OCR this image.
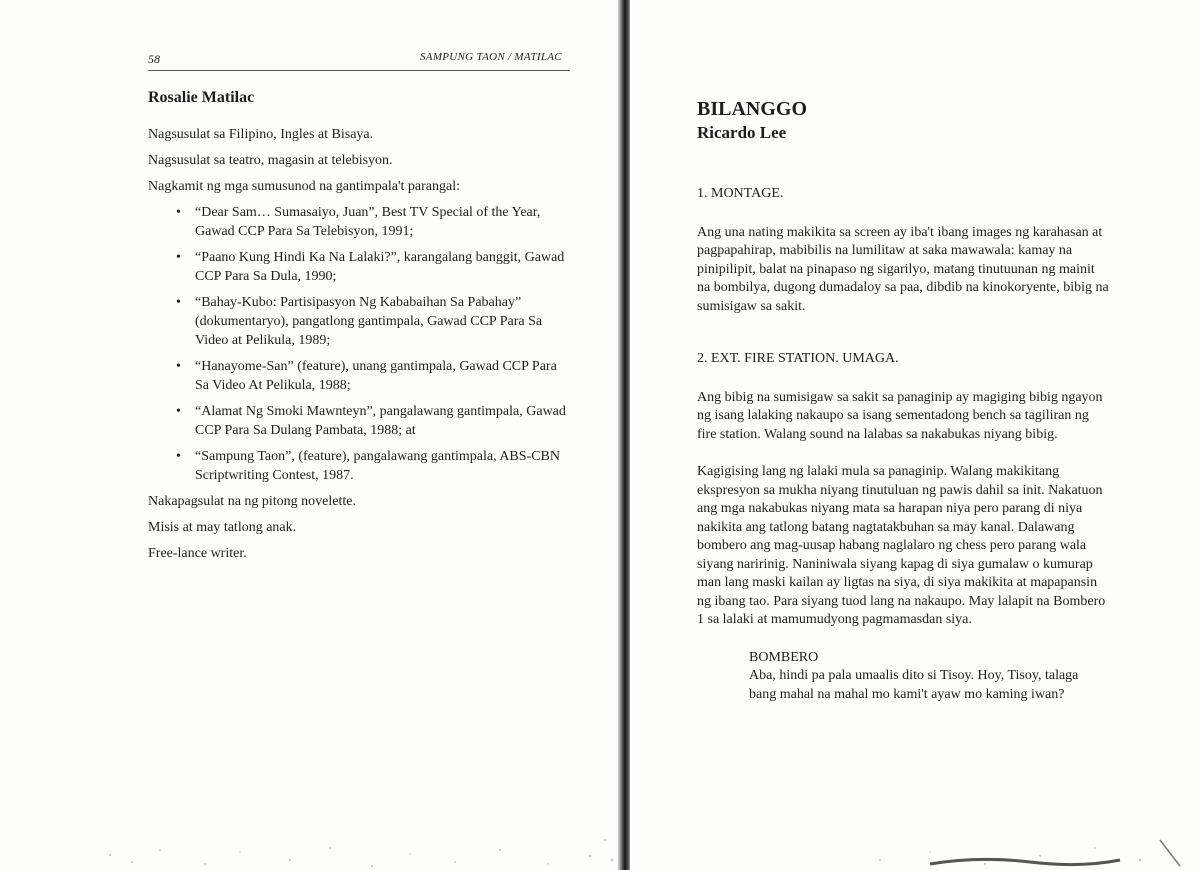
58	SAMPUNG TAON / MATILAC
Rosalie Matilac

Nagsusulat sa Filipino, Ingles at Bisaya.

Nagsusulat sa teatro, magasin at telebisyon.

Nagkamit ng mga sumusunod na gantimpala't parangal:

• “Dear Sam… Sumasaiyo, Juan”, Best TV Special of the Year, Gawad CCP Para Sa Telebisyon, 1991;
• “Paano Kung Hindi Ka Na Lalaki?”, karangalang banggit, Gawad CCP Para Sa Dula, 1990;
• “Bahay-Kubo: Partisipasyon Ng Kababaihan Sa Pabahay” (dokumentaryo), pangatlong gantimpala, Gawad CCP Para Sa Video at Pelikula, 1989;
• “Hanayome-San” (feature), unang gantimpala, Gawad CCP Para Sa Video At Pelikula, 1988;
• “Alamat Ng Smoki Mawnteyn”, pangalawang gantimpala, Gawad CCP Para Sa Dulang Pambata, 1988; at
• “Sampung Taon”, (feature), pangalawang gantimpala, ABS-CBN Scriptwriting Contest, 1987.

Nakapagsulat na ng pitong novelette.

Misis at may tatlong anak.

Free-lance writer.

BILANGGO
Ricardo Lee
1. MONTAGE.

Ang una nating makikita sa screen ay iba't ibang images ng karahasan at pagpapahirap, mabibilis na lumilitaw at saka mawawala: kamay na pinipilipit, balat na pinapaso ng sigarilyo, matang tinutuunan ng mainit na bombilya, dugong dumadaloy sa paa, dibdib na kinokoryente, bibig na sumisigaw sa sakit.

2. EXT. FIRE STATION. UMAGA.

Ang bibig na sumisigaw sa sakit sa panaginip ay magiging bibig ngayon ng isang lalaking nakaupo sa isang sementadong bench sa tagiliran ng fire station. Walang sound na lalabas sa nakabukas niyang bibig.

Kagigising lang ng lalaki mula sa panaginip. Walang makikitang ekspresyon sa mukha niyang tinutuluan ng pawis dahil sa init. Nakatuon ang mga nakabukas niyang mata sa harapan niya pero parang di niya nakikita ang tatlong batang nagtatakbuhan sa may kanal. Dalawang bombero ang mag-uusap habang naglalaro ng chess pero parang wala siyang naririnig. Naniniwala siyang kapag di siya gumalaw o kumurap man lang maski kailan ay ligtas na siya, di siya makikita at mapapansin ng ibang tao. Para siyang tuod lang na nakaupo. May lalapit na Bombero 1 sa lalaki at mamumudyong pagmamasdan siya.

BOMBERO
Aba, hindi pa pala umaalis dito si Tisoy. Hoy, Tisoy, talaga bang mahal na mahal mo kami't ayaw mo kaming iwan?
